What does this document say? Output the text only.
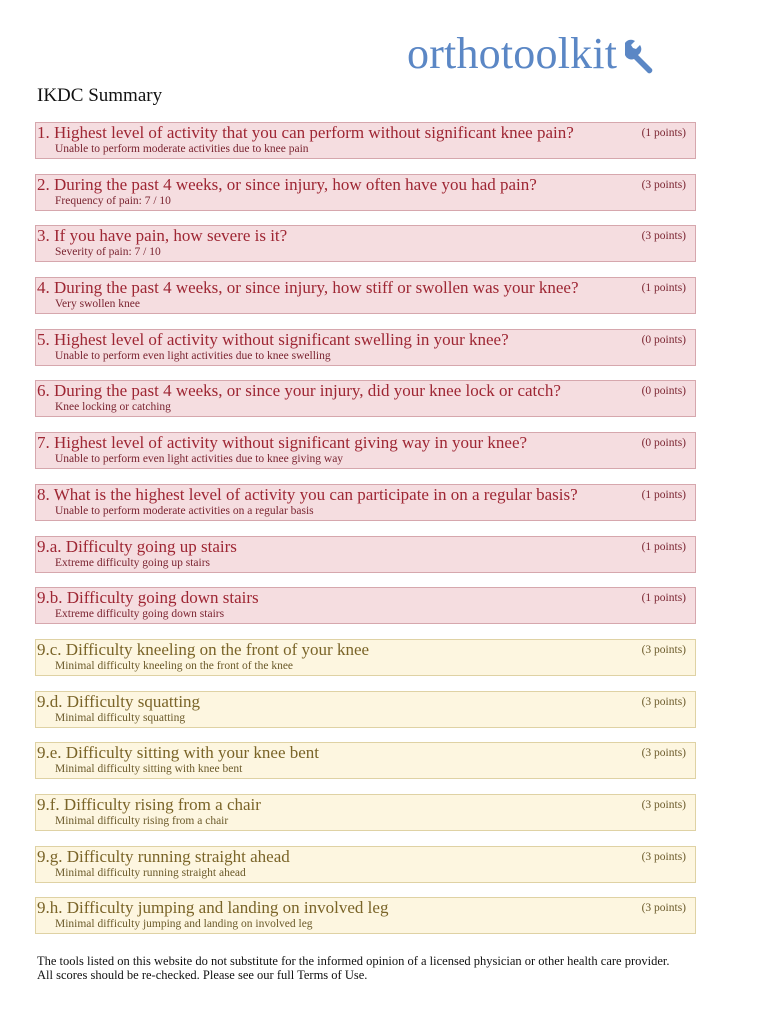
orthotoolkit
IKDC Summary
1. Highest level of activity that you can perform without significant knee pain?	(1 points)
Unable to perform moderate activities due to knee pain
2. During the past 4 weeks, or since injury, how often have you had pain?	(3 points)
Frequency of pain: 7 / 10
3. If you have pain, how severe is it?	(3 points)
Severity of pain: 7 / 10
4. During the past 4 weeks, or since injury, how stiff or swollen was your knee?	(1 points)
Very swollen knee
5. Highest level of activity without significant swelling in your knee?	(0 points)
Unable to perform even light activities due to knee swelling
6. During the past 4 weeks, or since your injury, did your knee lock or catch?	(0 points)
Knee locking or catching
7. Highest level of activity without significant giving way in your knee?	(0 points)
Unable to perform even light activities due to knee giving way
8. What is the highest level of activity you can participate in on a regular basis?	(1 points)
Unable to perform moderate activities on a regular basis
9.a. Difficulty going up stairs	(1 points)
Extreme difficulty going up stairs
9.b. Difficulty going down stairs	(1 points)
Extreme difficulty going down stairs
9.c. Difficulty kneeling on the front of your knee	(3 points)
Minimal difficulty kneeling on the front of the knee
9.d. Difficulty squatting	(3 points)
Minimal difficulty squatting
9.e. Difficulty sitting with your knee bent	(3 points)
Minimal difficulty sitting with knee bent
9.f. Difficulty rising from a chair	(3 points)
Minimal difficulty rising from a chair
9.g. Difficulty running straight ahead	(3 points)
Minimal difficulty running straight ahead
9.h. Difficulty jumping and landing on involved leg	(3 points)
Minimal difficulty jumping and landing on involved leg
The tools listed on this website do not substitute for the informed opinion of a licensed physician or other health care provider.
All scores should be re-checked. Please see our full Terms of Use.
